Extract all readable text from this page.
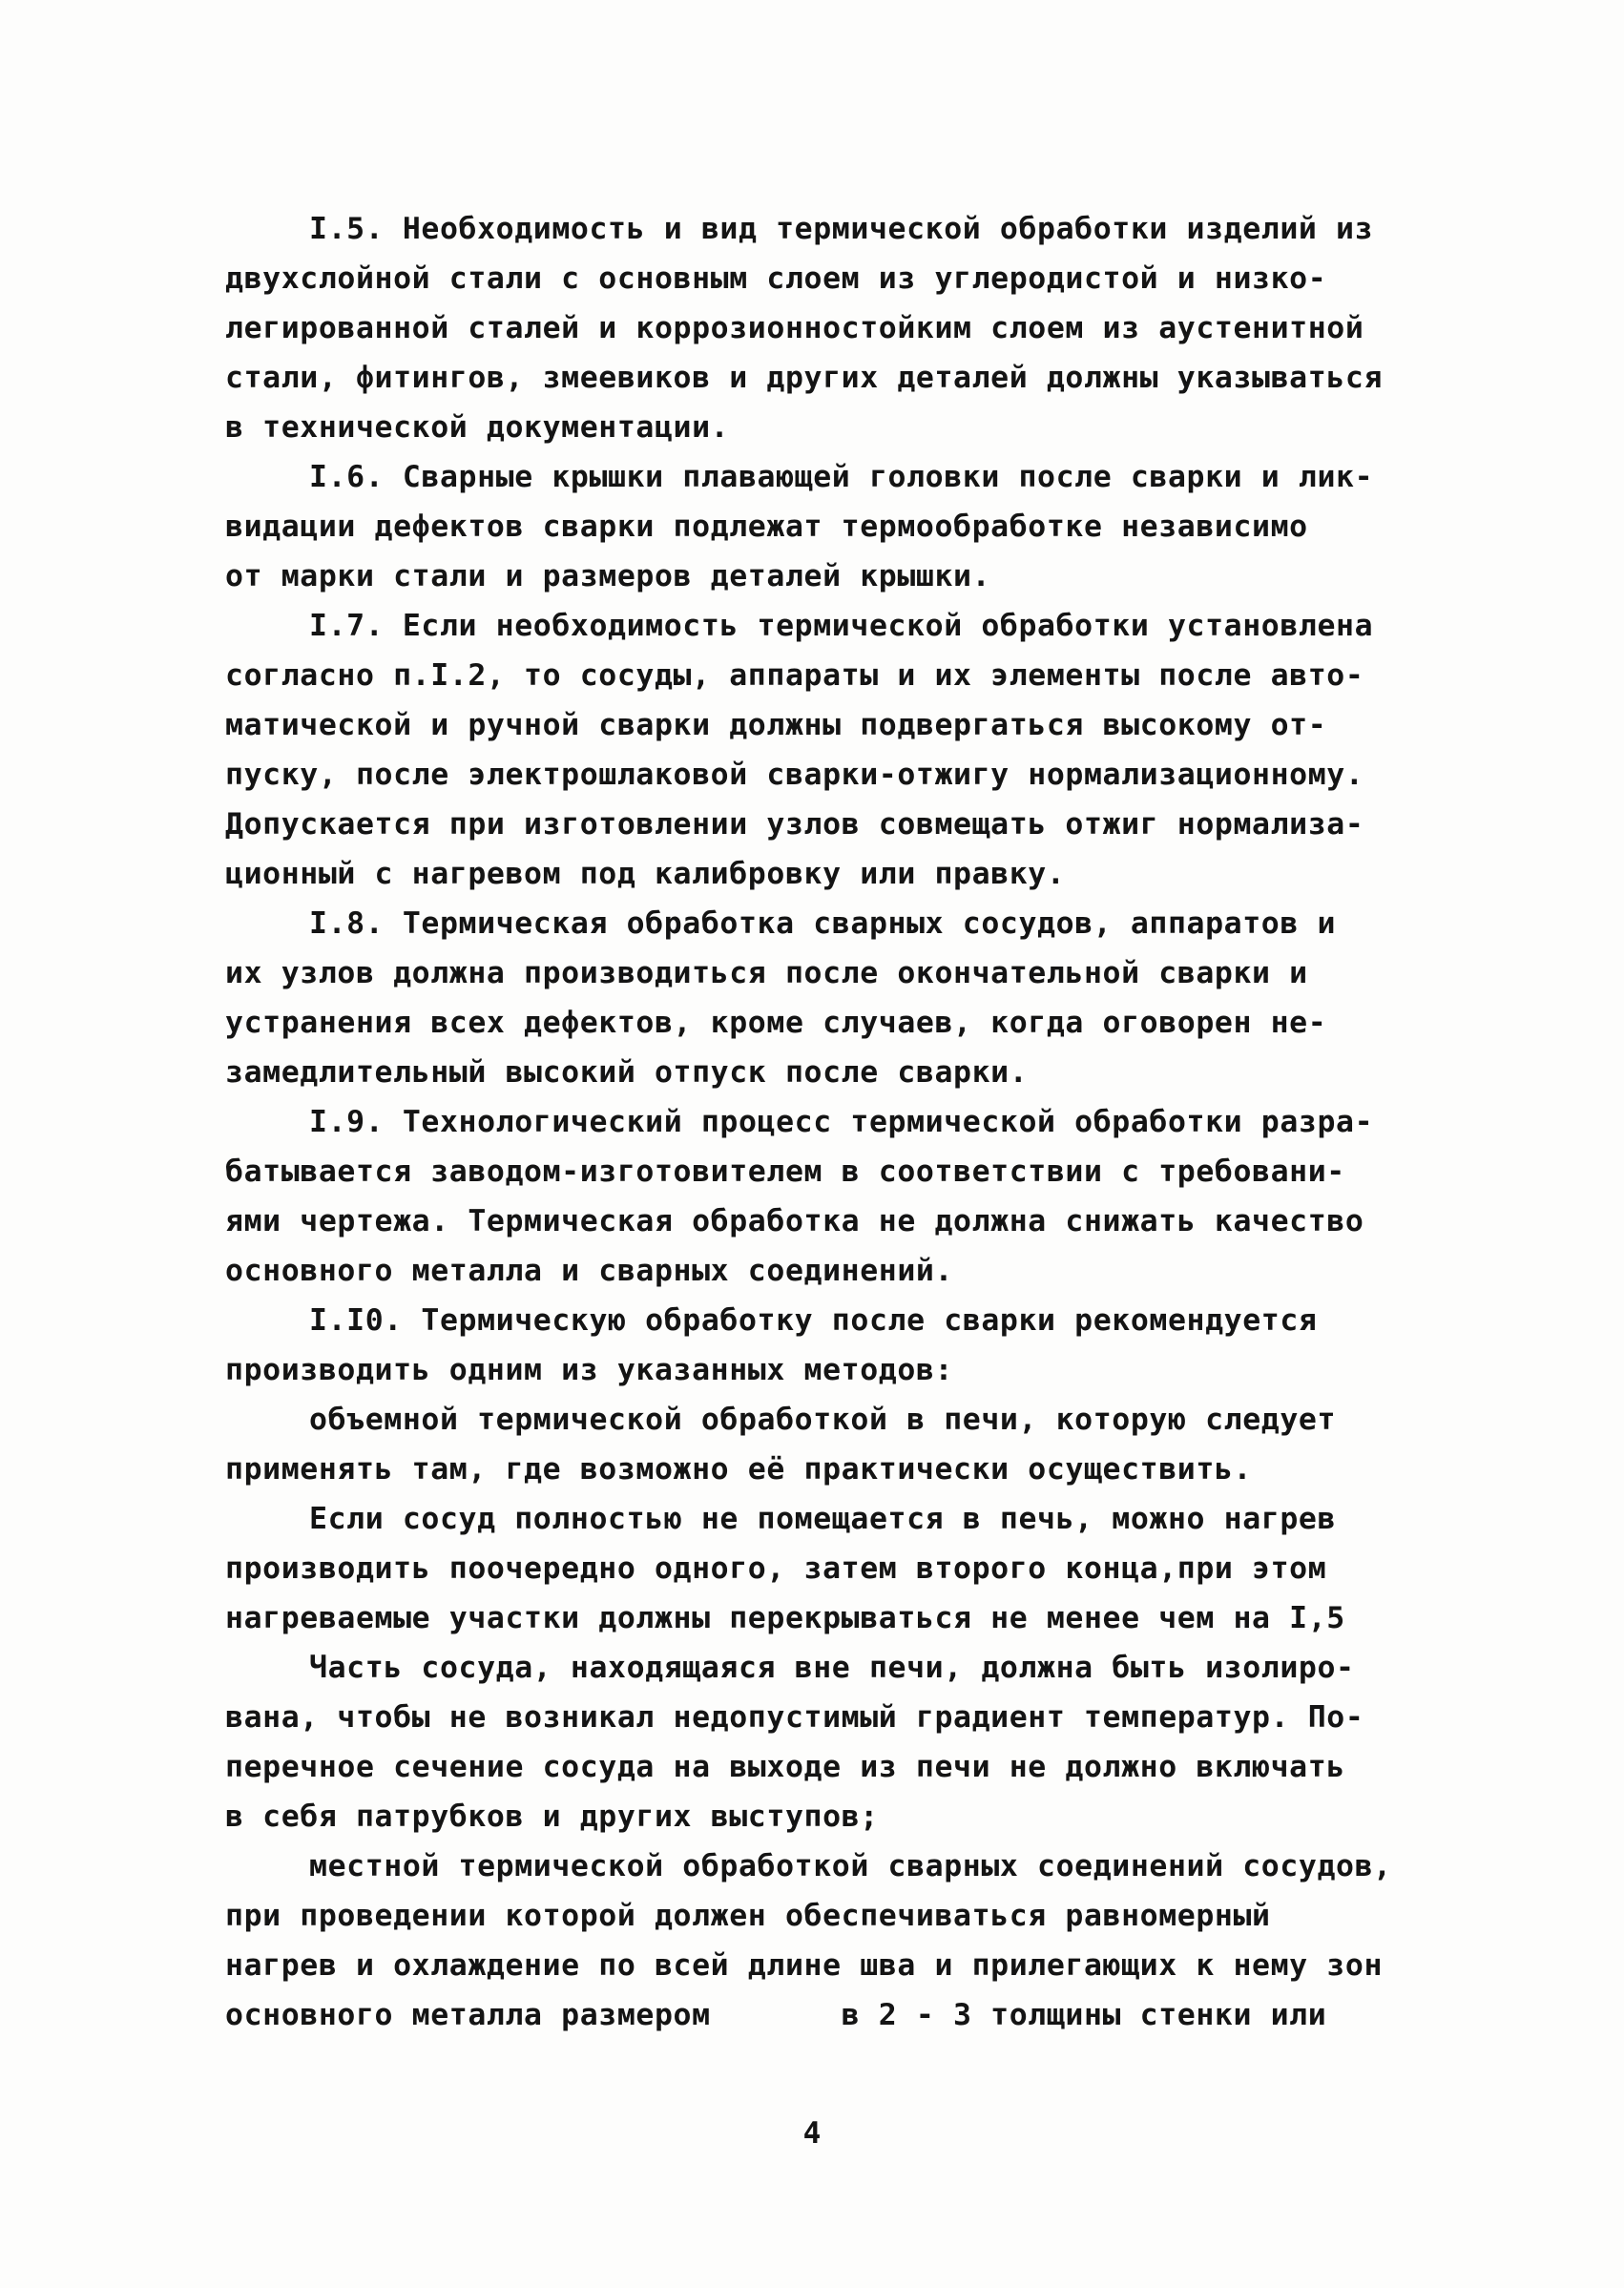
I.5. Необходимость и вид термической обработки изделий из
двухслойной стали с основным слоем из углеродистой и низко-
легированной сталей и коррозионностойким слоем из аустенитной
стали, фитингов, змеевиков и других деталей должны указываться
в технической документации.
I.6. Сварные крышки плавающей головки после сварки и лик-
видации дефектов сварки подлежат термообработке независимо
от марки стали и размеров деталей крышки.
I.7. Если необходимость термической обработки установлена
согласно п.I.2, то сосуды, аппараты и их элементы после авто-
матической и ручной сварки должны подвергаться высокому от-
пуску, после электрошлаковой сварки-отжигу нормализационному.
Допускается при изготовлении узлов совмещать отжиг нормализа-
ционный с нагревом под калибровку или правку.
I.8. Термическая обработка сварных сосудов, аппаратов и
их узлов должна производиться после окончательной сварки и
устранения всех дефектов, кроме случаев, когда оговорен не-
замедлительный высокий отпуск после сварки.
I.9. Технологический процесс термической обработки разра-
батывается заводом-изготовителем в соответствии с требовани-
ями чертежа. Термическая обработка не должна снижать качество
основного металла и сварных соединений.
I.I0. Термическую обработку после сварки рекомендуется
производить одним из указанных методов:
объемной термической обработкой в печи, которую следует
применять там, где возможно её практически осуществить.
Если сосуд полностью не помещается в печь, можно нагрев
производить поочередно одного, затем второго конца,при этом
нагреваемые участки должны перекрываться не менее чем на I,5
Часть сосуда, находящаяся вне печи, должна быть изолиро-
вана, чтобы не возникал недопустимый градиент температур. По-
перечное сечение сосуда на выходе из печи не должно включать
в себя патрубков и других выступов;
местной термической обработкой сварных соединений сосудов,
при проведении которой должен обеспечиваться равномерный
нагрев и охлаждение по всей длине шва и прилегающих к нему зон
основного металла размером       в 2 - 3 толщины стенки или
4
